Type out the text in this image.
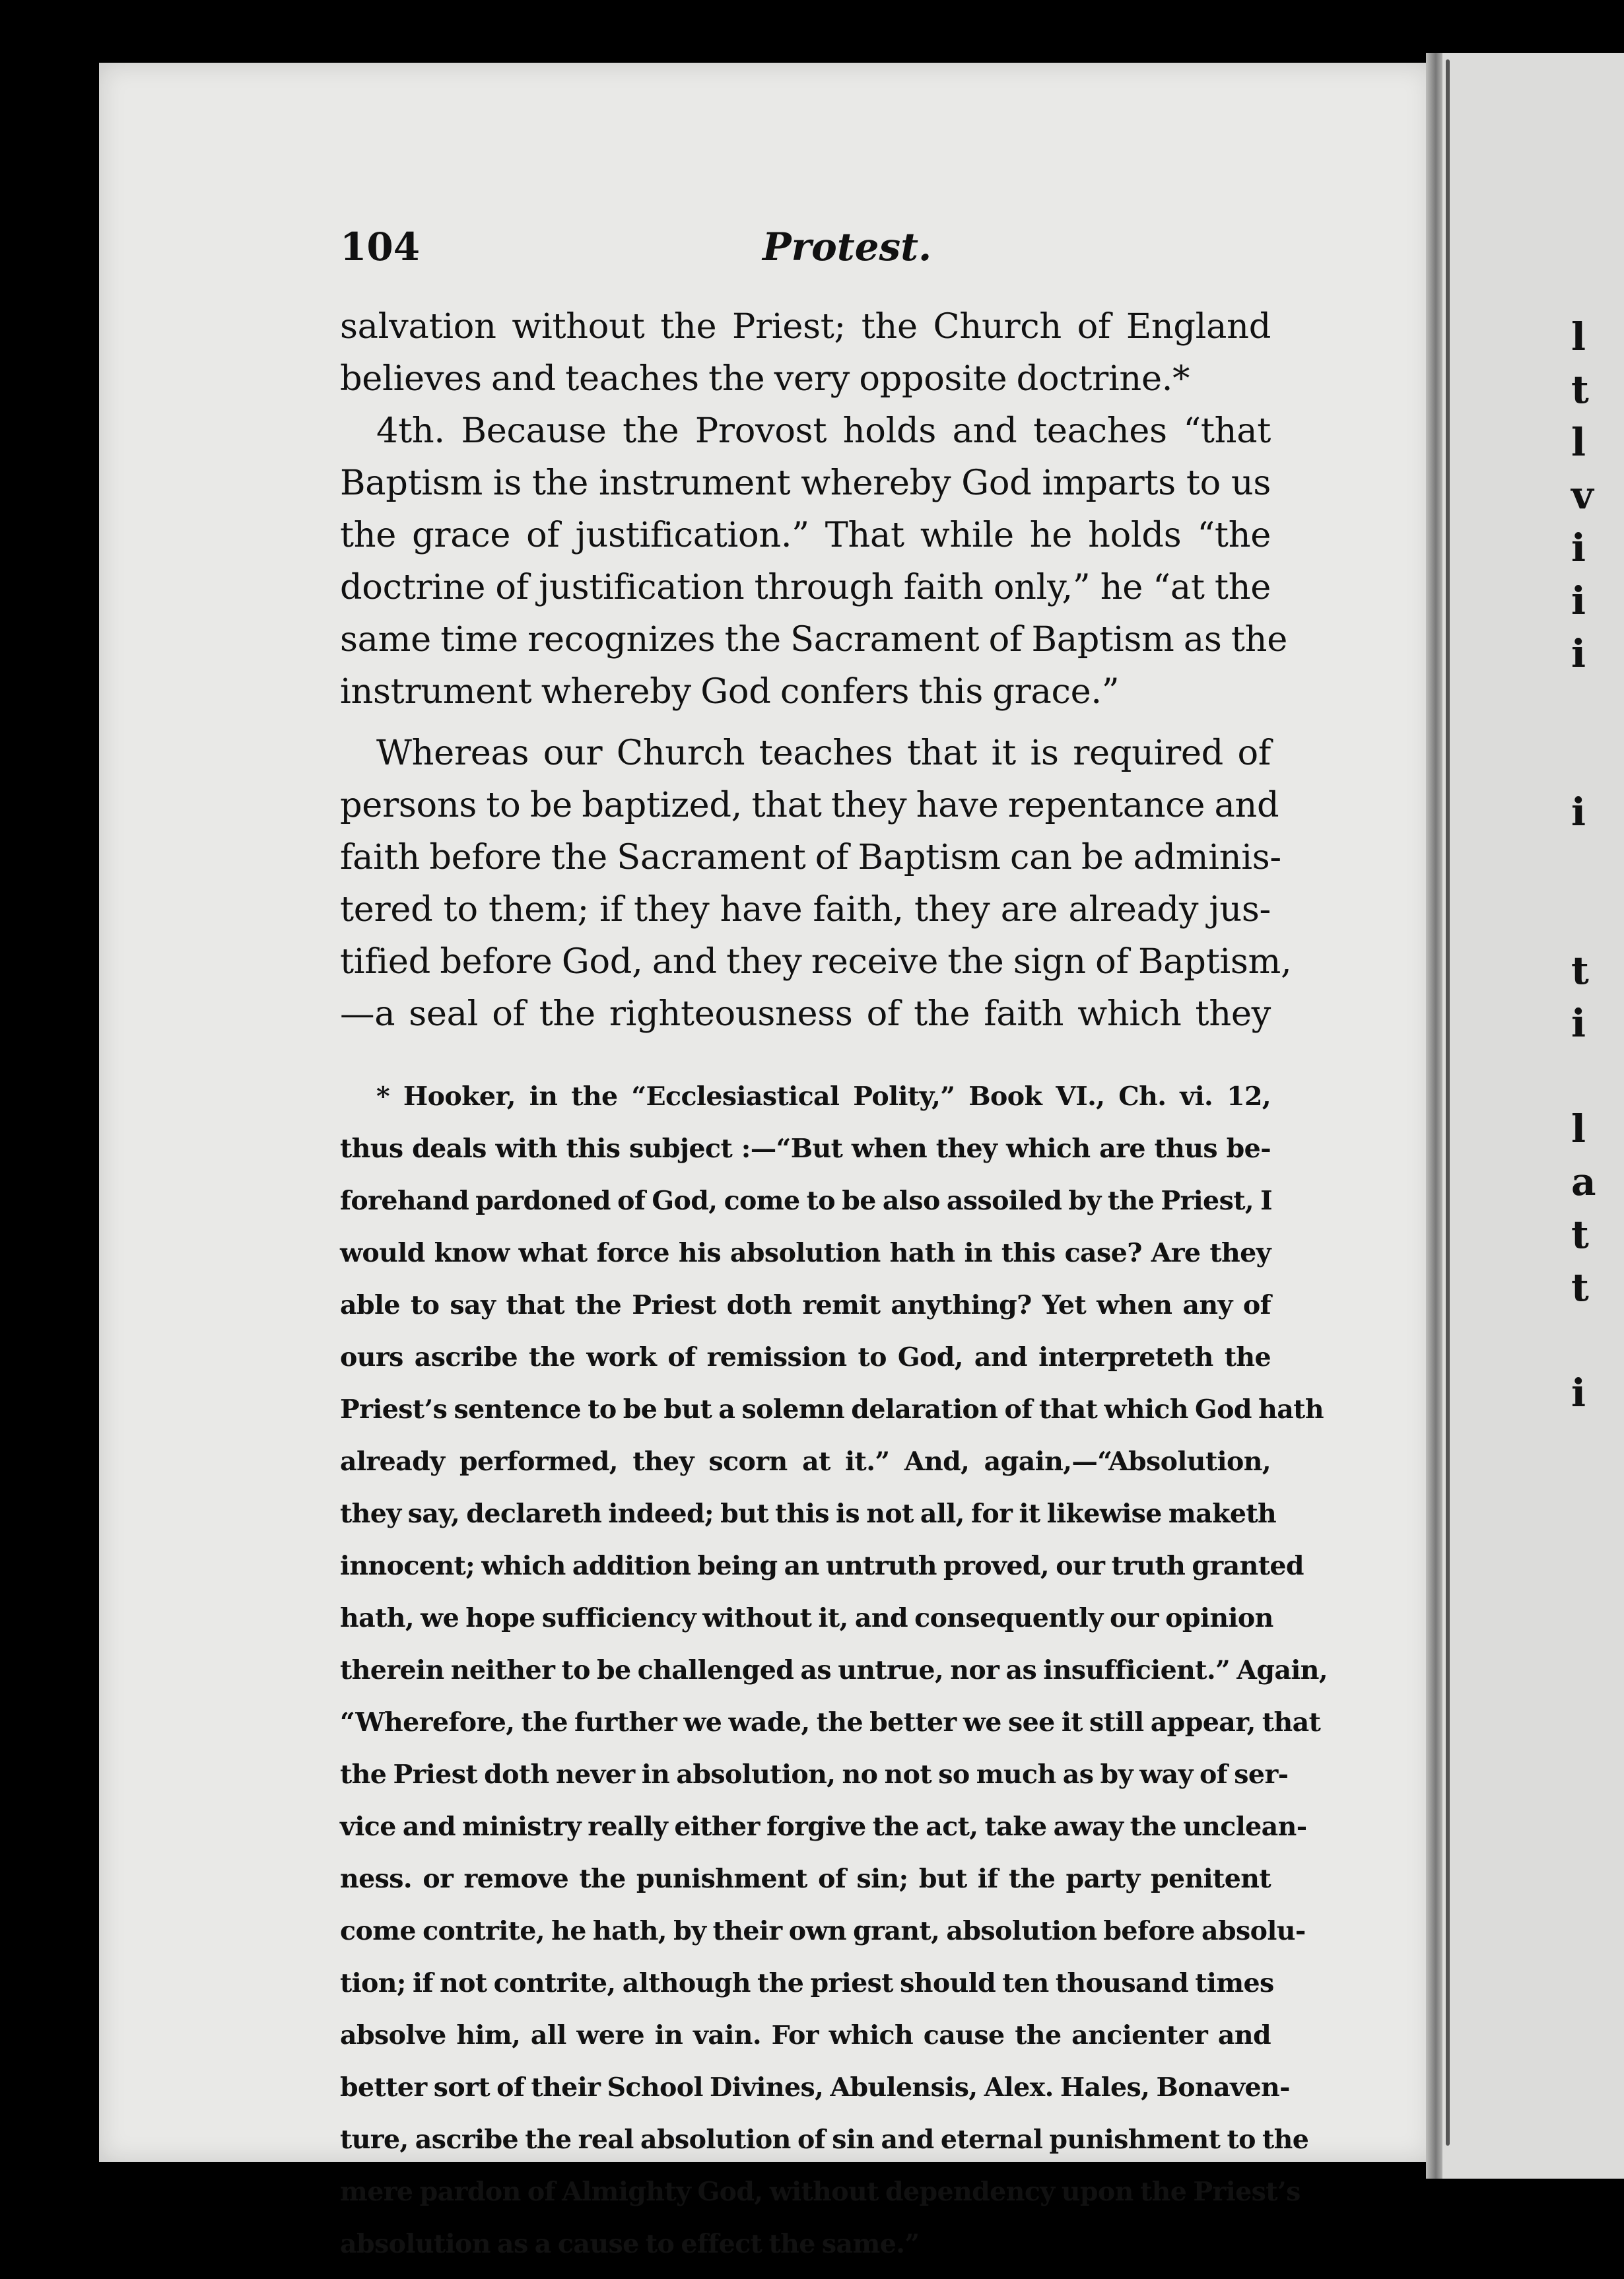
l
t
l
v
i
i
i
i
t
i
l
a
t
t
i
104	Protest.
salvation without the Priest; the Church of England
believes and teaches the very opposite doctrine.*
4th. Because the Provost holds and teaches “that
Baptism is the instrument whereby God imparts to us
the grace of justification.” That while he holds “the
doctrine of justification through faith only,” he “at the
same time recognizes the Sacrament of Baptism as the
instrument whereby God confers this grace.”
Whereas our Church teaches that it is required of
persons to be baptized, that they have repentance and
faith before the Sacrament of Baptism can be adminis-
tered to them; if they have faith, they are already jus-
tified before God, and they receive the sign of Baptism,
—a seal of the righteousness of the faith which they
* Hooker, in the “Ecclesiastical Polity,” Book VI., Ch. vi. 12,
thus deals with this subject :—“But when they which are thus be-
forehand pardoned of God, come to be also assoiled by the Priest, I
would know what force his absolution hath in this case? Are they
able to say that the Priest doth remit anything? Yet when any of
ours ascribe the work of remission to God, and interpreteth the
Priest’s sentence to be but a solemn delaration of that which God hath
already performed, they scorn at it.” And, again,—“Absolution,
they say, declareth indeed; but this is not all, for it likewise maketh
innocent; which addition being an untruth proved, our truth granted
hath, we hope sufficiency without it, and consequently our opinion
therein neither to be challenged as untrue, nor as insufficient.” Again,
“Wherefore, the further we wade, the better we see it still appear, that
the Priest doth never in absolution, no not so much as by way of ser-
vice and ministry really either forgive the act, take away the unclean-
ness. or remove the punishment of sin; but if the party penitent
come contrite, he hath, by their own grant, absolution before absolu-
tion; if not contrite, although the priest should ten thousand times
absolve him, all were in vain. For which cause the ancienter and
better sort of their School Divines, Abulensis, Alex. Hales, Bonaven-
ture, ascribe the real absolution of sin and eternal punishment to the
mere pardon of Almighty God, without dependency upon the Priest’s
absolution as a cause to effect the same.”
